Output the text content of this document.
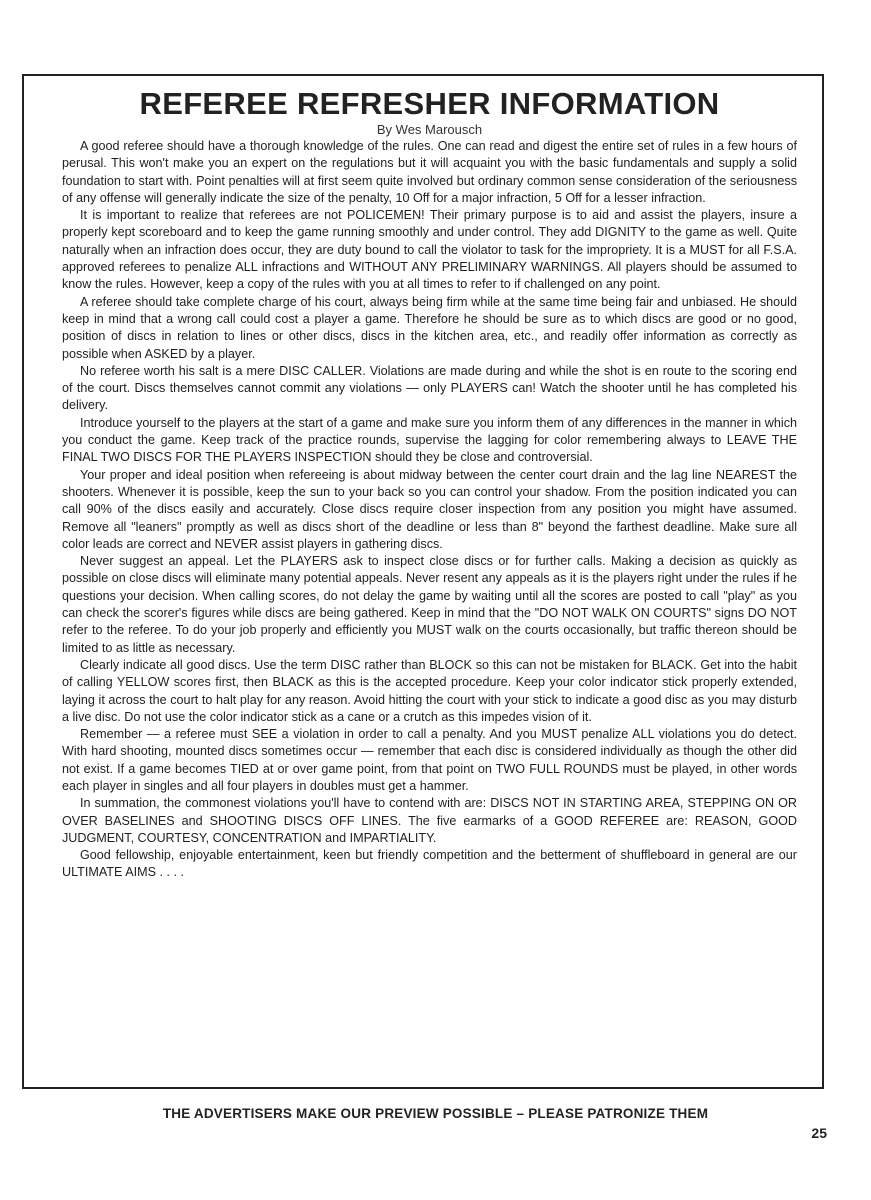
REFEREE REFRESHER INFORMATION
By Wes Marousch

A good referee should have a thorough knowledge of the rules. One can read and digest the entire set of rules in a few hours of perusal. This won't make you an expert on the regulations but it will acquaint you with the basic fundamentals and supply a solid foundation to start with. Point penalties will at first seem quite involved but ordinary common sense consideration of the seriousness of any offense will generally indicate the size of the penalty, 10 Off for a major infraction, 5 Off for a lesser infraction.

It is important to realize that referees are not POLICEMEN! Their primary purpose is to aid and assist the players, insure a properly kept scoreboard and to keep the game running smoothly and under control. They add DIGNITY to the game as well. Quite naturally when an infraction does occur, they are duty bound to call the violator to task for the impropriety. It is a MUST for all F.S.A. approved referees to penalize ALL infractions and WITHOUT ANY PRELIMINARY WARNINGS. All players should be assumed to know the rules. However, keep a copy of the rules with you at all times to refer to if challenged on any point.

A referee should take complete charge of his court, always being firm while at the same time being fair and unbiased. He should keep in mind that a wrong call could cost a player a game. Therefore he should be sure as to which discs are good or no good, position of discs in relation to lines or other discs, discs in the kitchen area, etc., and readily offer information as correctly as possible when ASKED by a player.

No referee worth his salt is a mere DISC CALLER. Violations are made during and while the shot is en route to the scoring end of the court. Discs themselves cannot commit any violations — only PLAYERS can! Watch the shooter until he has completed his delivery.

Introduce yourself to the players at the start of a game and make sure you inform them of any differences in the manner in which you conduct the game. Keep track of the practice rounds, supervise the lagging for color remembering always to LEAVE THE FINAL TWO DISCS FOR THE PLAYERS INSPECTION should they be close and controversial.

Your proper and ideal position when refereeing is about midway between the center court drain and the lag line NEAREST the shooters. Whenever it is possible, keep the sun to your back so you can control your shadow. From the position indicated you can call 90% of the discs easily and accurately. Close discs require closer inspection from any position you might have assumed. Remove all "leaners" promptly as well as discs short of the deadline or less than 8" beyond the farthest deadline. Make sure all color leads are correct and NEVER assist players in gathering discs.

Never suggest an appeal. Let the PLAYERS ask to inspect close discs or for further calls. Making a decision as quickly as possible on close discs will eliminate many potential appeals. Never resent any appeals as it is the players right under the rules if he questions your decision. When calling scores, do not delay the game by waiting until all the scores are posted to call "play" as you can check the scorer's figures while discs are being gathered. Keep in mind that the "DO NOT WALK ON COURTS" signs DO NOT refer to the referee. To do your job properly and efficiently you MUST walk on the courts occasionally, but traffic thereon should be limited to as little as necessary.

Clearly indicate all good discs. Use the term DISC rather than BLOCK so this can not be mistaken for BLACK. Get into the habit of calling YELLOW scores first, then BLACK as this is the accepted procedure. Keep your color indicator stick properly extended, laying it across the court to halt play for any reason. Avoid hitting the court with your stick to indicate a good disc as you may disturb a live disc. Do not use the color indicator stick as a cane or a crutch as this impedes vision of it.

Remember — a referee must SEE a violation in order to call a penalty. And you MUST penalize ALL violations you do detect. With hard shooting, mounted discs sometimes occur — remember that each disc is considered individually as though the other did not exist. If a game becomes TIED at or over game point, from that point on TWO FULL ROUNDS must be played, in other words each player in singles and all four players in doubles must get a hammer.

In summation, the commonest violations you'll have to contend with are: DISCS NOT IN STARTING AREA, STEPPING ON OR OVER BASELINES and SHOOTING DISCS OFF LINES. The five earmarks of a GOOD REFEREE are: REASON, GOOD JUDGMENT, COURTESY, CONCENTRATION and IMPARTIALITY.

Good fellowship, enjoyable entertainment, keen but friendly competition and the betterment of shuffleboard in general are our ULTIMATE AIMS . . . .

THE ADVERTISERS MAKE OUR PREVIEW POSSIBLE – PLEASE PATRONIZE THEM
25
